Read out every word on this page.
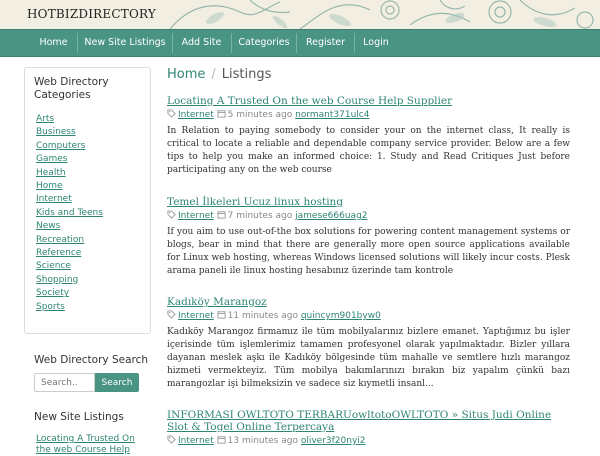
HOTBIZDIRECTORY
Home	New Site Listings	Add Site	Categories	Register	Login
Web Directory Categories
Arts
Business
Computers
Games
Health
Home
Internet
Kids and Teens
News
Recreation
Reference
Science
Shopping
Society
Sports
Web Directory Search
Search..
Search
New Site Listings
Locating A Trusted On the web Course Help
Home / Listings
Locating A Trusted On the web Course Help Supplier
Internet 5 minutes ago normant371ulc4
In Relation to paying somebody to consider your on the internet class, It really is critical to locate a reliable and dependable company service provider. Below are a few tips to help you make an informed choice: 1. Study and Read Critiques Just before participating any on the web course
Temel İlkeleri Ucuz linux hosting
Internet 7 minutes ago jamese666uag2
If you aim to use out-of-the box solutions for powering content management systems or blogs, bear in mind that there are generally more open source applications available for Linux web hosting, whereas Windows licensed solutions will likely incur costs. Plesk arama paneli ile linux hosting hesabınız üzerinde tam kontrole
Kadıköy Marangoz
Internet 11 minutes ago quincym901byw0
Kadıköy Marangoz firmamız ile tüm mobilyalarınız bizlere emanet. Yaptığımız bu işler içerisinde tüm işlemlerimiz tamamen profesyonel olarak yapılmaktadır. Bizler yıllara dayanan meslek aşkı ile Kadıköy bölgesinde tüm mahalle ve semtlere hızlı marangoz hizmeti vermekteyiz. Tüm mobilya bakımlarınızı bırakın biz yapalım çünkü bazı marangozlar işi bilmeksizin ve sadece siz kıymetli insanl...
INFORMASI OWLTOTO TERBARUowltotoOWLTOTO » Situs Judi Online Slot & Togel Online Terpercaya
Internet 13 minutes ago oliver3f20nyi2
